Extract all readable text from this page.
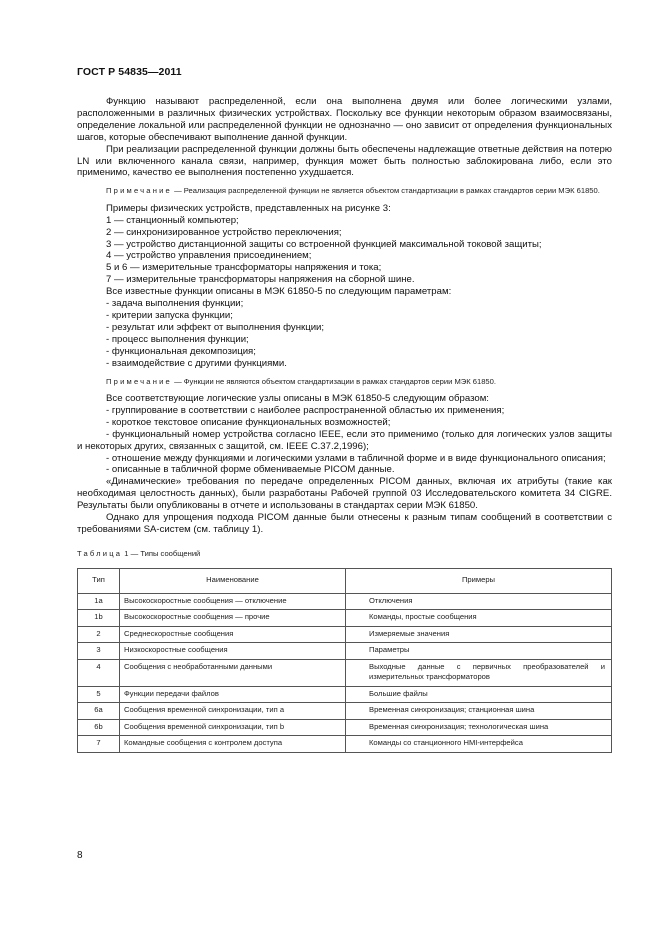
ГОСТ Р 54835—2011

Функцию называют распределенной, если она выполнена двумя или более логическими узлами, расположенными в различных физических устройствах. Поскольку все функции некоторым образом взаимосвязаны, определение локальной или распределенной функции не однозначно — оно зависит от определения функциональных шагов, которые обеспечивают выполнение данной функции.

При реализации распределенной функции должны быть обеспечены надлежащие ответные действия на потерю LN или включенного канала связи, например, функция может быть полностью заблокирована либо, если это применимо, качество ее выполнения постепенно ухудшается.

Примечание — Реализация распределенной функции не является объектом стандартизации в рамках стандартов серии МЭК 61850.
Примеры физических устройств, представленных на рисунке 3:
1 — станционный компьютер;
2 — синхронизированное устройство переключения;
3 — устройство дистанционной защиты со встроенной функцией максимальной токовой защиты;
4 — устройство управления присоединением;
5 и 6 — измерительные трансформаторы напряжения и тока;
7 — измерительные трансформаторы напряжения на сборной шине.
Все известные функции описаны в МЭК 61850-5 по следующим параметрам:
- задача выполнения функции;
- критерии запуска функции;
- результат или эффект от выполнения функции;
- процесс выполнения функции;
- функциональная декомпозиция;
- взаимодействие с другими функциями.
Примечание — Функции не являются объектом стандартизации в рамках стандартов серии МЭК 61850.
Все соответствующие логические узлы описаны в МЭК 61850-5 следующим образом:
- группирование в соответствии с наиболее распространенной областью их применения;
- короткое текстовое описание функциональных возможностей;

- функциональный номер устройства согласно IEEE, если это применимо (только для логических узлов защиты и некоторых других, связанных с защитой, см. IEEE C.37.2,1996);

- отношение между функциями и логическими узлами в табличной форме и в виде функционального описания;

- описанные в табличной форме обмениваемые PICOM данные.

«Динамические» требования по передаче определенных PICOM данных, включая их атрибуты (такие как необходимая целостность данных), были разработаны Рабочей группой 03 Исследовательского комитета 34 CIGRE. Результаты были опубликованы в отчете и использованы в стандартах серии МЭК 61850.

Однако для упрощения подхода PICOM данные были отнесены к разным типам сообщений в соответствии с требованиями SA-систем (см. таблицу 1).

Таблица 1 — Типы сообщений
Тип	Наименование	Примеры
1a	Высокоскоростные сообщения — отключение	Отключения
1b	Высокоскоростные сообщения — прочие	Команды, простые сообщения
2	Среднескоростные сообщения	Измеряемые значения
3	Низкоскоростные сообщения	Параметры
4	Сообщения с необработанными данными	Выходные данные с первичных преобразователей и измерительных трансформаторов
5	Функции передачи файлов	Большие файлы
6a	Сообщения временной синхронизации, тип a	Временная синхронизация; станционная шина
6b	Сообщения временной синхронизации, тип b	Временная синхронизация; технологическая шина
7	Командные сообщения с контролем доступа	Команды со станционного HMI-интерфейса
8
